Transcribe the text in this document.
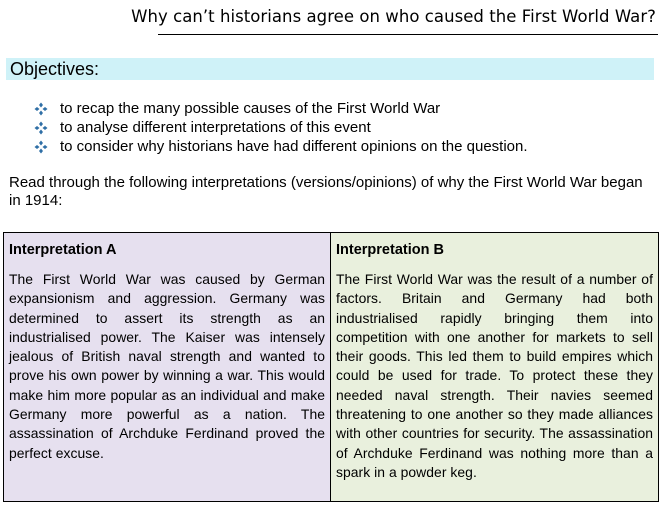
Why can’t historians agree on who caused the First World War?
Objectives:
to recap the many possible causes of the First World War
to analyse different interpretations of this event
to consider why historians have had different opinions on the question.
Read through the following interpretations (versions/opinions) of why the First World War began in 1914:
Interpretation A
The First World War was caused by German expansionism and aggression. Germany was determined to assert its strength as an industrialised power. The Kaiser was intensely jealous of British naval strength and wanted to prove his own power by winning a war. This would make him more popular as an individual and make Germany more powerful as a nation. The assassination of Archduke Ferdinand proved the perfect excuse.
Interpretation B
The First World War was the result of a number of factors. Britain and Germany had both industrialised rapidly bringing them into competition with one another for markets to sell their goods. This led them to build empires which could be used for trade. To protect these they needed naval strength. Their navies seemed threatening to one another so they made alliances with other countries for security. The assassination of Archduke Ferdinand was nothing more than a spark in a powder keg.
